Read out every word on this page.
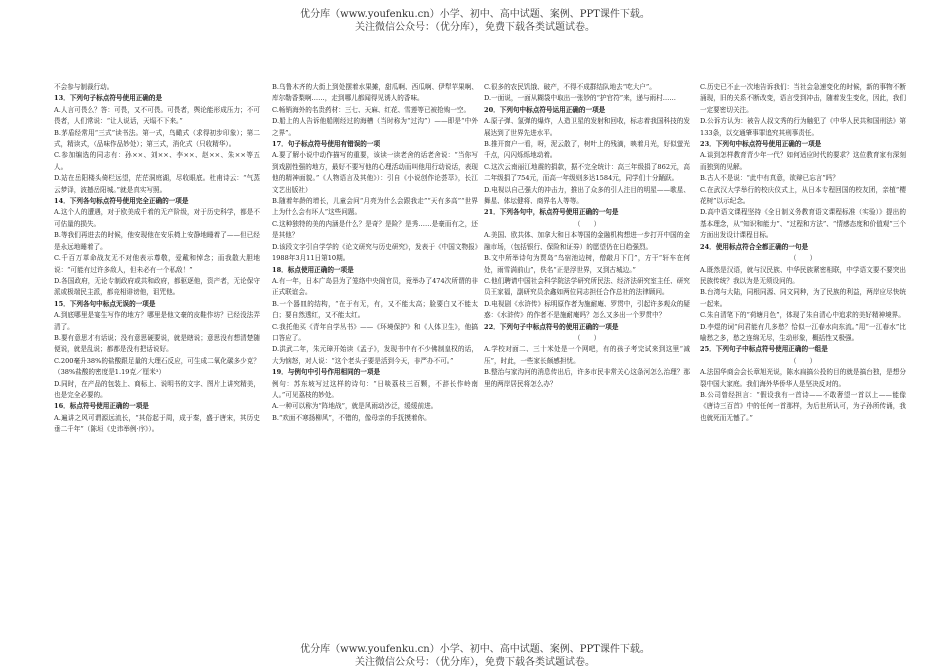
优分库（www.youfenku.cn）小学、初中、高中试题、案例、PPT课件下载。
关注微信公众号：（优分库），免费下载各类试题试卷。

不会参与制裁行动。

13．下列句子标点符号使用正确的是

A.人言可畏么？答：可畏，又不可畏。可畏者，舆论能形成压力；不可畏者，人们常说：“让人说话，天塌不下来。”

B.茅盾经常用“三式”读书法。第一式，鸟瞰式（求得初步印象）；第二式，精读式，（品味作品妙处）；第三式，消化式（只收精华）。

C.参加编选的同志有：孙××、刘××、李××、赵××、朱××等五人。

D.站在岳阳楼头倚栏远望，茫茫洞庭湖，尽收眼底。杜甫诗云：“气蒸云梦泽，波撼岳阳城。”就是真实写照。

14．下列各句标点符号使用完全正确的一项是

A.这个人的遭遇，对于欧美成千着的无产阶级，对于历史科学，都是不可估量的损失。

B.等我们再进去的时候，他安现他在安乐椅上安静地睡着了——但已经是永远地睡着了。

C.千百万革命战友无不对他表示尊敬，爱戴和悼念；而我散大胆地说：“可能有过许多敌人，但未必有一个私敌！”

D.各国政府，无论专制政府或共和政府，都驱逐他，资产者，无论保守派或极端民主派，都竞相诽谤他，诅咒他。

15．下列各句中标点无误的一项是

A.到底哪里是宴生写作的地方？哪里是他文豪的皮鞋作坊？已经没法弄清了。

B.要有意思才有话说；没有意思硬要说，就是瞎说；意思没有想清楚随便说，就是乱说；都都是没有把话说好。

C.200毫升38%的盐酸跟足量的大理石反应，可生成二氧化碳多少克？（38%盐酸的密度是1.19克／厘米³）

D.同时，在产品的包装上、商标上、说明书的文字、图片上讲究精美，也是完全必要的。

16．标点符号使用正确的一项是

A.遍讲之风可谓源远流长，“其俗起于周，成于秦，盛于唐宋，其历史垂二千年”（陈垣《史讳举例·序》）。

B.乌鲁木齐的大街上到处摆着水果摊，甜瓜啊、西瓜啊、伊犁苹果啊、库尔勒香梨啊……，走到哪儿都闻得见诱人的香味。

C.畅销海外的名贵药材：三七、天麻、红花、雪莲等已被抢购一空。

D.船上的人告诉他船刚经过的海槽（当时称为“过沟”）——即是“中外之界”。

17．句子标点符号使用有错误的一项

A.要了解小说中动作描写的重要，该读一读老舍的话老舍说：“当你写到戏剧性强的地方，最好不要写他的心理活动而叫他用行动说话，表现他的精神面貌。”《人物语言及其他》）：引自《小说创作论荟萃》，长江文艺出版社）

B.随着年龄的增长，儿童会问“月亮为什么会跟我走”“天有多高”“世界上为什么会有坏人”这些问题。

C.这种独特的美的内涵是什么？是奇？是险？是秀……是豪而有之，还是其他？

D.该段文字引自学学的《论文研究与历史研究》，发表于《中国文物报》1988年3月11日第10期。

18．标点使用正确的一项是

A.有一年，日本广岛县为了笼络中央阁官员，竟举办了474次所谓的非正式联谊会。

B.一个器皿的结构，“在于有无，有，又不能太高；脸要白又不能太白；要自然透红，又不能太红。

C.我托他买《青年自学丛书》——《环境保护》和《人体卫生》，他搞口答应了。

D.洪武二年，朱元璋开始读《孟子》，发现书中有不少佛制皇权的话，大为恼怒，对人说：“这个老头子要是活到今天，非严办不可。”

19．与例句中引号作用相同的一项是

例句：苏东坡写过这样的诗句：“日啖荔枝三百颗，不辞长作岭南人。”可见荔枝的妙处。

A.一种可以称为“阵地战”，就是风雨动沙泛，缓缓前进。

B.“欢面不寒扬柳风”，不错的，像母亲的手抚摸着你。

C.很多的农民饥饿、破产，不得不成群结队地去“吃大户”。

D.一面说，一面从糊袋中取出一张钞的“护官符”来，递与雨村……

20．下列句中标点符号运用正确的一项是

A.原子弹、氢弹的爆炸，人造卫星的发射和回收，标志着我国科技的发展达到了世界先进水平。

B.推开窗户一看，呀，泥云散了，树叶上的残滴，映着月光，好似萤光千点，闪闪烁烁地动着。

C.这次云南丽江地震的捐款，据不完全统计：高三年级捐了862元，高二年级捐了754元，而高一年级则多达1584元，同学们十分踊跃。

D.电视以自己强大的冲击力，推出了众多的引人注目的明星——歌星、舞星、体坛健将、商界名人等等。

21．下列各句中，标点符号使用正确的一句是

（　　）

A.美国、欧共体、加拿大和日本等国的金融机构想进一步打开中国的金融市场，（包括银行、保险和证券）的愿望仍在日趋强烈。

B.文中所举诗句为贾岛“鸟宿池边树，僧敲月下门”，方干“轩车在何处，雨雪满前山”，佚名“正是浮世界，又到古城边。”

C.他们聘请中国社会科学院法学研究所民法、经济法研究室主任、研究员王家福，副研究员余鑫如两位同志担任合作总社的法律顾问。

D.电视剧《水浒传》标明原作者为施耐庵、罗贯中，引起许多观众的疑惑：《水浒传》的作者不是施耐庵吗？怎么又多出一个罗贯中？

22．下列句子中标点符号的使用正确的一项是

（　　）

A.学校对面二、三十米处是一个网吧，有的孩子考完试来到这里“减压”，时此，一些家长颇感担忧。

B.整治与家沟河的消息传出后，许多市民非常关心这条河怎么治理？那里的两岸居民将怎么办？

C.历史已不止一次地告诉我们：当社会急速变化的时候，新的事物不断涌现，旧的关系不断改变，语言受到冲击，随着发生变化，因此，我们一定要密切关注。

D.公诉方认为：被告人叔文秀的行为触犯了《中华人民共和国刑法》第133条，以交通肇事罪追究其刑事责任。

23．下列句中标点符号使用正确的一项是

A.谈到怎样教育青少年一代？如何适应时代的要求？这位教育家有深刻而独到的见解。

B.古人不是说：“此中有真意，欲辩已忘言”吗？

C.在武汉大学举行的校庆仪式上，从日本专程回国的校友团，亲植“樱花树”以示纪念。

D.高中语文课程坚持《全日制义务教育语文课程标准（实验）》提出的基本理念，从“知识和能力”、“过程和方法”、“情感态度和价值观”三个方面出发设计课程目标。

24．使用标点符合全都正确的一句是

（　　）

A.既然是汉语，就与汉民族、中华民族紧密相联，中学语文要不要突出民族传统？我以为是无须设问的。

B.台湾与大陆，同根同源、同文同种，为了民族的利益，两岸应尽快统一起来。

C.朱自清笔下的“荷塘月色”，体现了朱自清心中追求的美好精神境界。

D.李煜的词“问君能有几多愁？恰似一江春水向东流。”用“一江春水”比喻愁之多，愁之连绵无尽，生动形象，概括性又极强。

25．下列句子中标点符号使用正确的一组是

（　　）

A.法国华商会会长章旭光说，陈水扁搞公投的目的就是搞台独，是想分裂中国大家庭。我们海外华侨华人是坚决反对的。

B.公司曾经担言：“假设我有一首诗——不敢奢望一首以上——能像《唐诗三百首》中的任何一首那样，为后世所认可，为子孙所传诵，我也就死而无憾了。”

优分库（www.youfenku.cn）小学、初中、高中试题、案例、PPT课件下载。
关注微信公众号：（优分库），免费下载各类试题试卷。
